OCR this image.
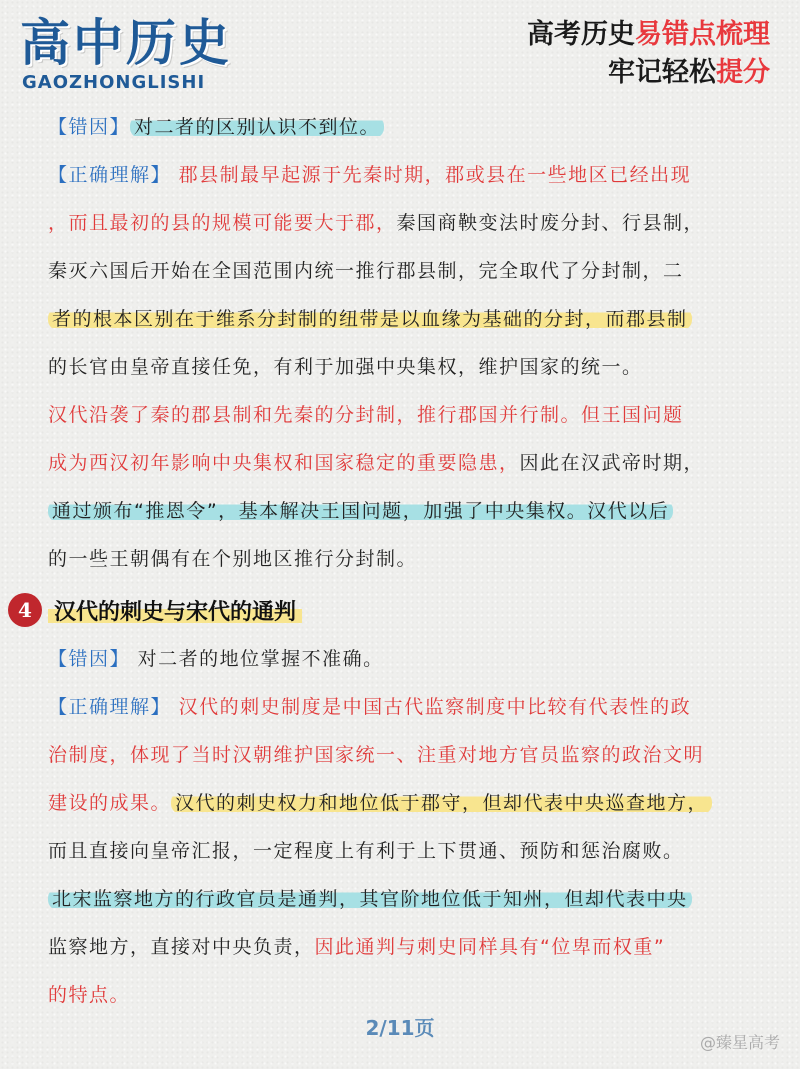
高中历史
GAOZHONGLISHI
高考历史易错点梳理
牢记轻松提分
【错因】 对二者的区别认识不到位。
【正确理解】 郡县制最早起源于先秦时期，郡或县在一些地区已经出现
，而且最初的县的规模可能要大于郡，秦国商鞅变法时废分封、行县制，
秦灭六国后开始在全国范围内统一推行郡县制，完全取代了分封制，二
者的根本区别在于维系分封制的纽带是以血缘为基础的分封，而郡县制
的长官由皇帝直接任免，有利于加强中央集权，维护国家的统一。
汉代沿袭了秦的郡县制和先秦的分封制，推行郡国并行制。但王国问题
成为西汉初年影响中央集权和国家稳定的重要隐患，因此在汉武帝时期，
通过颁布“推恩令”，基本解决王国问题，加强了中央集权。汉代以后
的一些王朝偶有在个别地区推行分封制。
4	汉代的刺史与宋代的通判
【错因】 对二者的地位掌握不准确。
【正确理解】 汉代的刺史制度是中国古代监察制度中比较有代表性的政
治制度，体现了当时汉朝维护国家统一、注重对地方官员监察的政治文明
建设的成果。 汉代的刺史权力和地位低于郡守，但却代表中央巡查地方，
而且直接向皇帝汇报，一定程度上有利于上下贯通、预防和惩治腐败。
北宋监察地方的行政官员是通判，其官阶地位低于知州，但却代表中央
监察地方，直接对中央负责，因此通判与刺史同样具有“位卑而权重”
的特点。
2/11页
@臻星高考
